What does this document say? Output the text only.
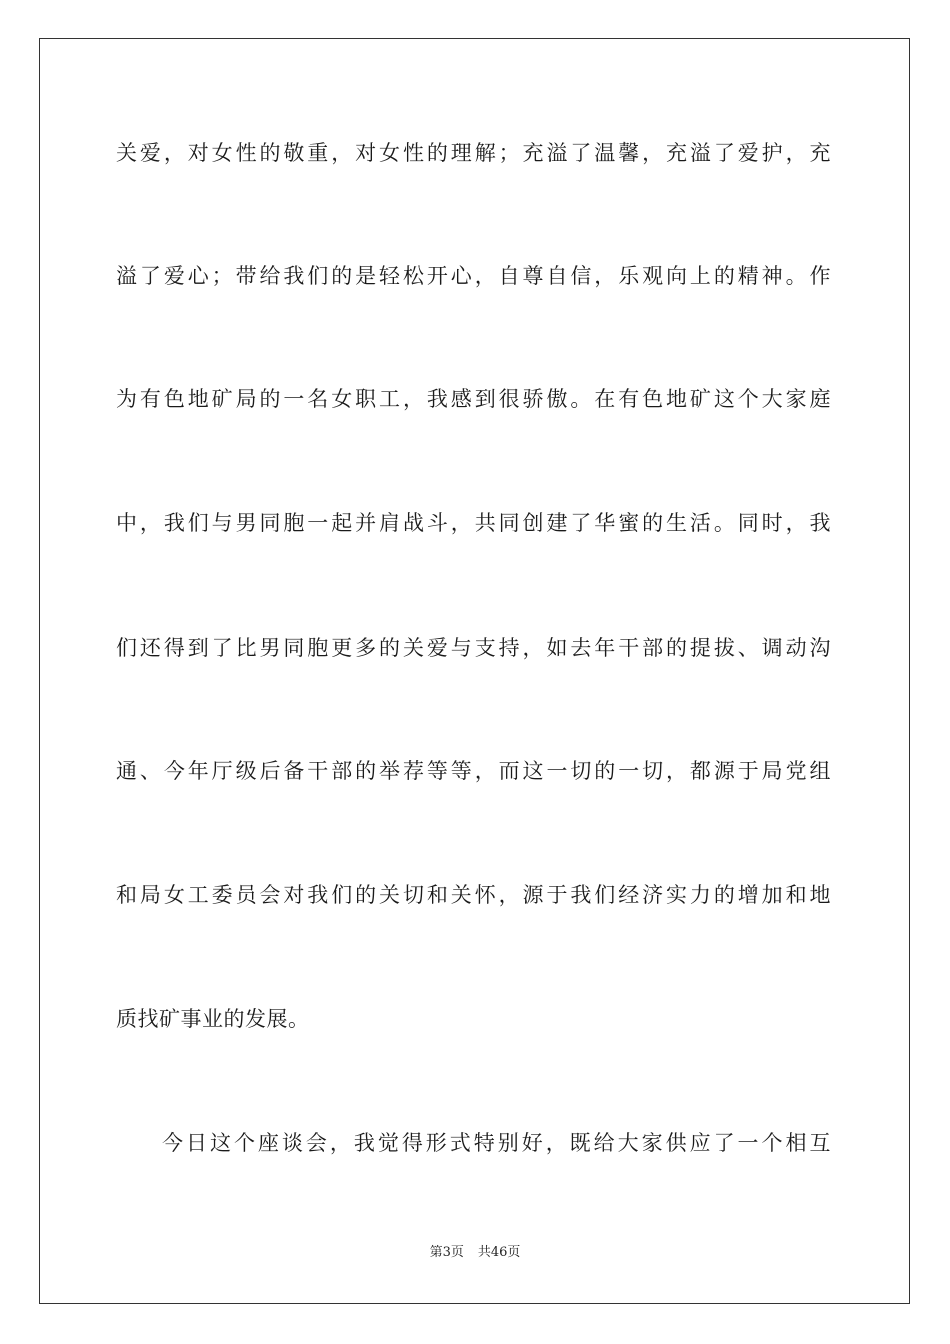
关爱，对女性的敬重，对女性的理解；充溢了温馨，充溢了爱护，充
溢了爱心；带给我们的是轻松开心，自尊自信，乐观向上的精神。作
为有色地矿局的一名女职工，我感到很骄傲。在有色地矿这个大家庭
中，我们与男同胞一起并肩战斗，共同创建了华蜜的生活。同时，我
们还得到了比男同胞更多的关爱与支持，如去年干部的提拔、调动沟
通、今年厅级后备干部的举荐等等，而这一切的一切，都源于局党组
和局女工委员会对我们的关切和关怀，源于我们经济实力的增加和地
质找矿事业的发展。
今日这个座谈会，我觉得形式特别好，既给大家供应了一个相互
第3页 共46页
